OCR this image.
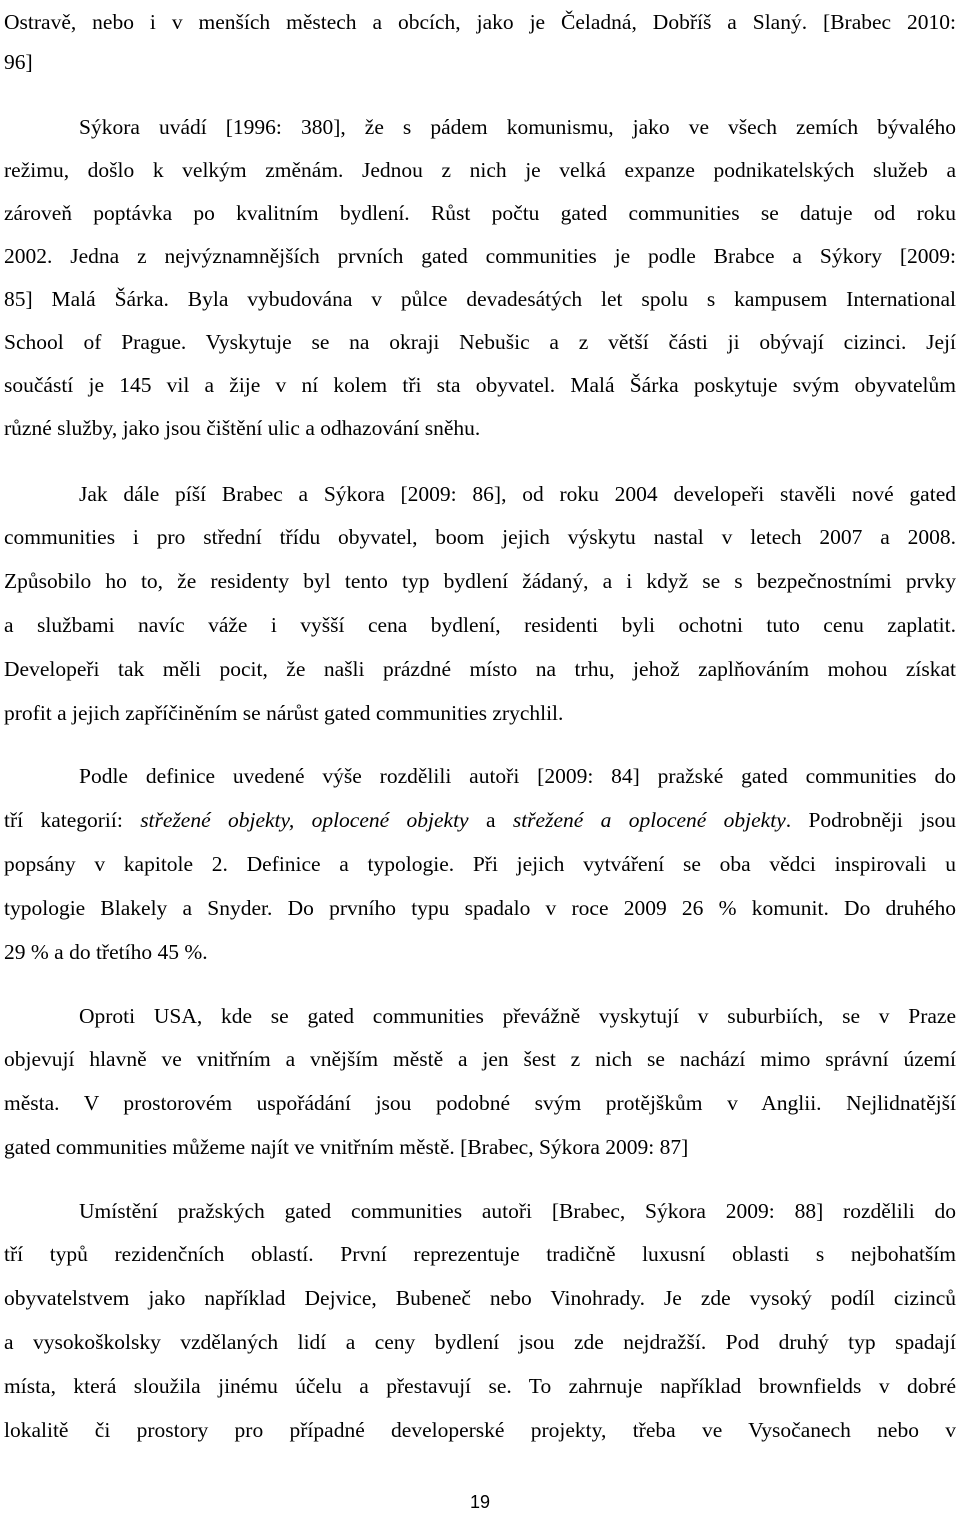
Ostravě, nebo i v menších městech a obcích, jako je Čeladná, Dobříš a Slaný. [Brabec 2010:
96]
Sýkora uvádí [1996: 380], že s pádem komunismu, jako ve všech zemích bývalého
režimu, došlo k velkým změnám. Jednou z nich je velká expanze podnikatelských služeb a
zároveň poptávka po kvalitním bydlení. Růst počtu gated communities se datuje od roku
2002. Jedna z nejvýznamnějších prvních gated communities je podle Brabce a Sýkory [2009:
85] Malá Šárka. Byla vybudována v půlce devadesátých let spolu s kampusem International
School of Prague. Vyskytuje se na okraji Nebušic a z větší části ji obývají cizinci. Její
součástí je 145 vil a žije v ní kolem tři sta obyvatel. Malá Šárka poskytuje svým obyvatelům
různé služby, jako jsou čištění ulic a odhazování sněhu.
Jak dále píší Brabec a Sýkora [2009: 86], od roku 2004 developeři stavěli nové gated
communities i pro střední třídu obyvatel, boom jejich výskytu nastal v letech 2007 a 2008.
Způsobilo ho to, že residenty byl tento typ bydlení žádaný, a i když se s bezpečnostními prvky
a službami navíc váže i vyšší cena bydlení, residenti byli ochotni tuto cenu zaplatit.
Developeři tak měli pocit, že našli prázdné místo na trhu, jehož zaplňováním mohou získat
profit a jejich zapříčiněním se nárůst gated communities zrychlil.
Podle definice uvedené výše rozdělili autoři [2009: 84] pražské gated communities do
tří kategorií: střežené objekty, oplocené objekty a střežené a oplocené objekty. Podrobněji jsou
popsány v kapitole 2. Definice a typologie. Při jejich vytváření se oba vědci inspirovali u
typologie Blakely a Snyder. Do prvního typu spadalo v roce 2009 26 % komunit. Do druhého
29 % a do třetího 45 %.
Oproti USA, kde se gated communities převážně vyskytují v suburbiích, se v Praze
objevují hlavně ve vnitřním a vnějším městě a jen šest z nich se nachází mimo správní území
města. V prostorovém uspořádání jsou podobné svým protějškům v Anglii. Nejlidnatější
gated communities můžeme najít ve vnitřním městě. [Brabec, Sýkora 2009: 87]
Umístění pražských gated communities autoři [Brabec, Sýkora 2009: 88] rozdělili do
tří typů rezidenčních oblastí. První reprezentuje tradičně luxusní oblasti s nejbohatším
obyvatelstvem jako například Dejvice, Bubeneč nebo Vinohrady. Je zde vysoký podíl cizinců
a vysokoškolsky vzdělaných lidí a ceny bydlení jsou zde nejdražší. Pod druhý typ spadají
místa, která sloužila jinému účelu a přestavují se. To zahrnuje například brownfields v dobré
lokalitě či prostory pro případné developerské projekty, třeba ve Vysočanech nebo v
19
